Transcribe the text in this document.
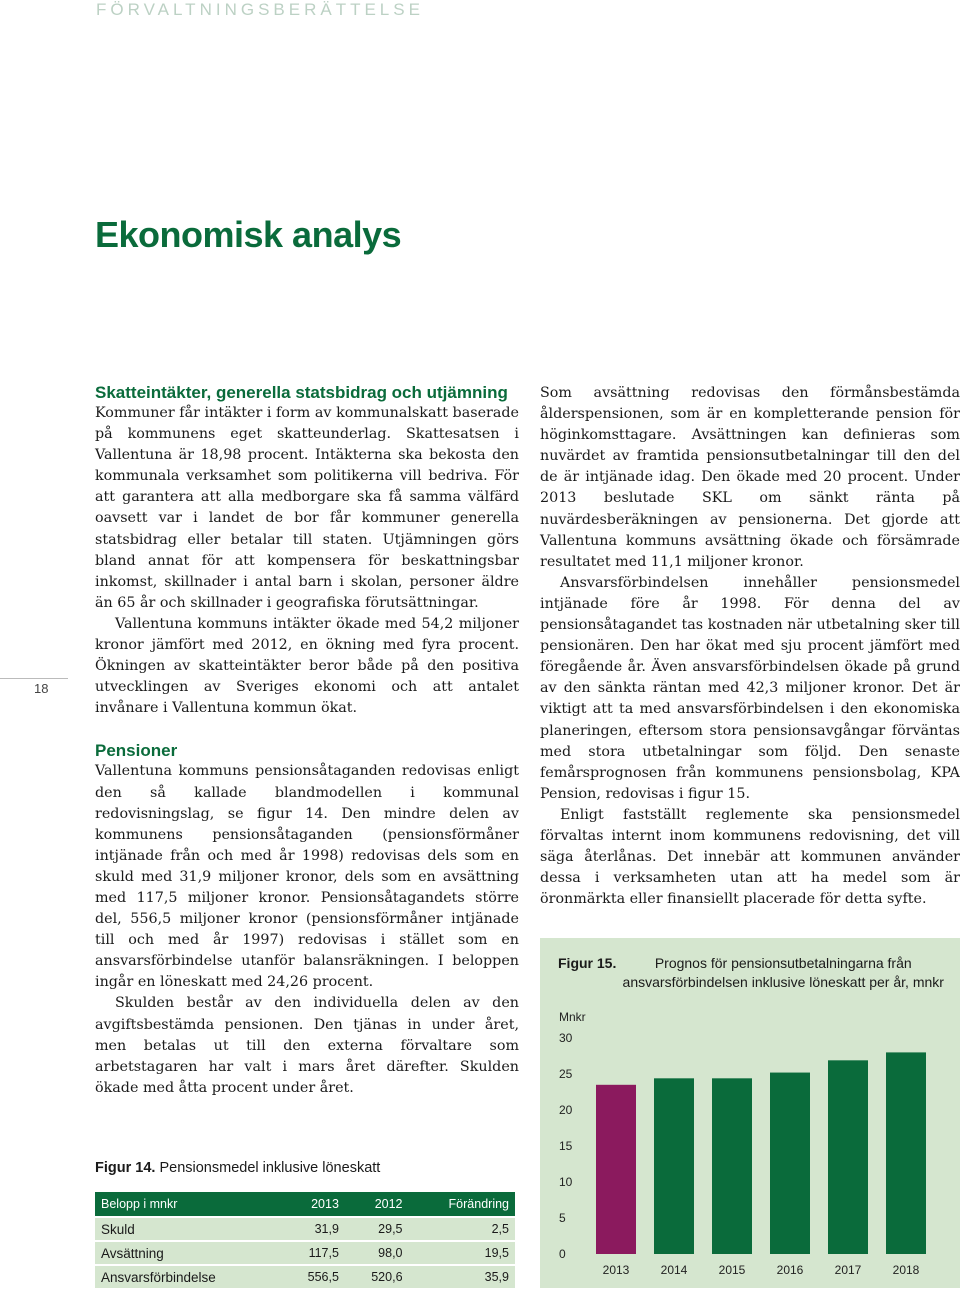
FÖRVALTNINGSBERÄTTELSE
Ekonomisk analys
18
Skatteintäkter, generella statsbidrag och utjämning

Kommuner får intäkter i form av kommunalskatt baserade på kommunens eget skatteunderlag. Skattesatsen i Vallentuna är 18,98 procent. Intäkterna ska bekosta den kommunala verksamhet som politikerna vill bedriva. För att garantera att alla medborgare ska få samma välfärd oavsett var i landet de bor får kommuner generella statsbidrag eller betalar till staten. Utjämningen görs bland annat för att kompensera för beskattningsbar inkomst, skillnader i antal barn i skolan, personer äldre än 65 år och skillnader i geografiska förutsättningar.

Vallentuna kommuns intäkter ökade med 54,2 miljoner kronor jämfört med 2012, en ökning med fyra procent. Ökningen av skatteintäkter beror både på den positiva utvecklingen av Sveriges ekonomi och att antalet invånare i Vallentuna kommun ökat.

Pensioner

Vallentuna kommuns pensionsåtaganden redovisas enligt den så kallade blandmodellen i kommunal redovisningslag, se figur 14. Den mindre delen av kommunens pensionsåtaganden (pensionsförmåner intjänade från och med år 1998) redovisas dels som en skuld med 31,9 miljoner kronor, dels som en avsättning med 117,5 miljoner kronor. Pensionsåtagandets större del, 556,5 miljoner kronor (pensionsförmåner intjänade till och med år 1997) redovisas i stället som en ansvarsförbindelse utanför balansräkningen. I beloppen ingår en löneskatt med 24,26 procent.

Skulden består av den individuella delen av den avgiftsbestämda pensionen. Den tjänas in under året, men betalas ut till den externa förvaltare som arbetstagaren har valt i mars året därefter. Skulden ökade med åtta procent under året.

Som avsättning redovisas den förmånsbestämda ålderspensionen, som är en kompletterande pension för höginkomsttagare. Avsättningen kan definieras som nuvärdet av framtida pensionsutbetalningar till den del de är intjänade idag. Den ökade med 20 procent. Under 2013 beslutade SKL om sänkt ränta på nuvärdesberäkningen av pensionerna. Det gjorde att Vallentuna kommuns avsättning ökade och försämrade resultatet med 11,1 miljoner kronor.

Ansvarsförbindelsen innehåller pensionsmedel intjänade före år 1998. För denna del av pensionsåtagandet tas kostnaden när utbetalning sker till pensionären. Den har ökat med sju procent jämfört med föregående år. Även ansvarsförbindelsen ökade på grund av den sänkta räntan med 42,3 miljoner kronor. Det är viktigt att ta med ansvarsförbindelsen i den ekonomiska planeringen, eftersom stora pensionsavgångar förväntas med stora utbetalningar som följd. Den senaste femårsprognosen från kommunens pensionsbolag, KPA Pension, redovisas i figur 15.

Enligt fastställt reglemente ska pensionsmedel förvaltas internt inom kommunens redovisning, det vill säga återlånas. Det innebär att kommunen använder dessa i verksamheten utan att ha medel som är öronmärkta eller finansiellt placerade för detta syfte.

Figur 14. Pensionsmedel inklusive löneskatt
Belopp i mnkr	2013	2012	Förändring
Skuld	31,9	29,5	2,5
Avsättning	117,5	98,0	19,5
Ansvarsförbindelse	556,5	520,6	35,9
Figur 15.	Prognos för pensionsutbetalningarna från ansvarsförbindelsen inklusive löneskatt per år, mnkr
Mnkr
0
5
10
15
20
25
30
2013	2014	2015	2016	2017	2018
